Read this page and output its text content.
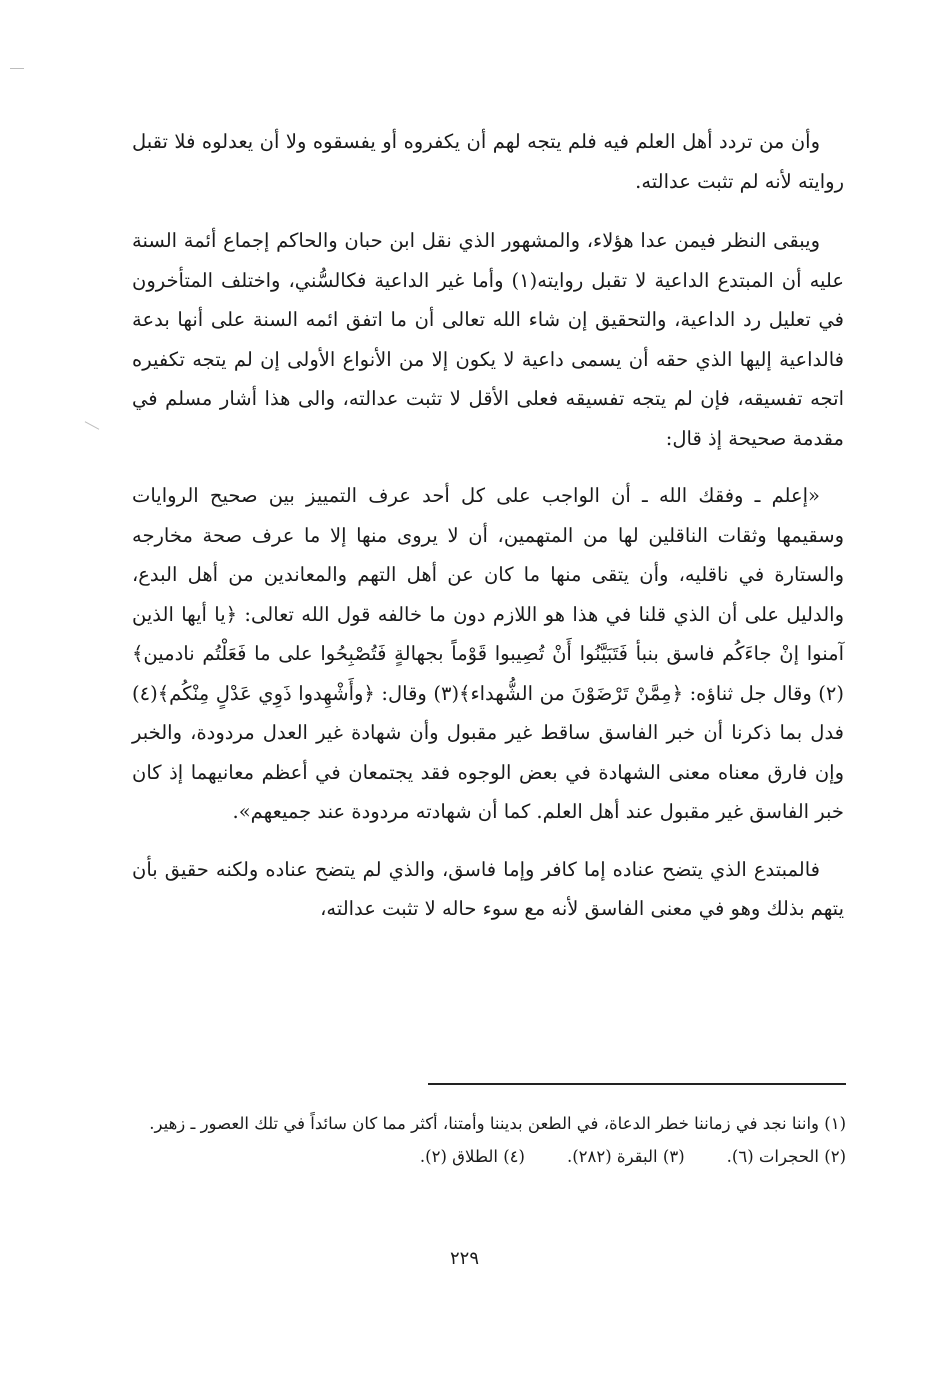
وأن من تردد أهل العلم فيه فلم يتجه لهم أن يكفروه أو يفسقوه ولا أن يعدلوه فلا تقبل روايته لأنه لم تثبت عدالته.

ويبقى النظر فيمن عدا هؤلاء، والمشهور الذي نقل ابن حبان والحاكم إجماع أئمة السنة عليه أن المبتدع الداعية لا تقبل روايته(١) وأما غير الداعية فكالسُّني، واختلف المتأخرون في تعليل رد الداعية، والتحقيق إن شاء الله تعالى أن ما اتفق ائمه السنة على أنها بدعة فالداعية إليها الذي حقه أن يسمى داعية لا يكون إلا من الأنواع الأولى إن لم يتجه تكفيره اتجه تفسيقه، فإن لم يتجه تفسيقه فعلى الأقل لا تثبت عدالته، والى هذا أشار مسلم في مقدمة صحيحة إذ قال:

«إعلم ـ وفقك الله ـ أن الواجب على كل أحد عرف التمييز بين صحيح الروايات وسقيمها وثقات الناقلين لها من المتهمين، أن لا يروى منها إلا ما عرف صحة مخارجه والستارة في ناقليه، وأن يتقى منها ما كان عن أهل التهم والمعاندين من أهل البدع، والدليل على أن الذي قلنا في هذا هو اللازم دون ما خالفه قول الله تعالى: ﴿يا أيها الذين آمنوا إنْ جاءَكُم فاسق بنبأ فَتَبَيَّنُوا أَنْ تُصِيبوا قَوْماً بجهالةٍ فَتُصْبِحُوا على ما فَعَلْتُم نادمين﴾ (٢) وقال جل ثناؤه: ﴿مِمَّنْ تَرْضَوْنَ من الشُّهداء﴾(٣) وقال: ﴿وأَشْهِدوا ذَوِي عَدْلٍ مِنْكُم﴾(٤) فدل بما ذكرنا أن خبر الفاسق ساقط غير مقبول وأن شهادة غير العدل مردودة، والخبر وإن فارق معناه معنى الشهادة في بعض الوجوه فقد يجتمعان في أعظم معانيهما إذ كان خبر الفاسق غير مقبول عند أهل العلم. كما أن شهادته مردودة عند جميعهم».

فالمبتدع الذي يتضح عناده إما كافر وإما فاسق، والذي لم يتضح عناده ولكنه حقيق بأن يتهم بذلك وهو في معنى الفاسق لأنه مع سوء حاله لا تثبت عدالته،

(١) واننا نجد في زماننا خطر الدعاة، في الطعن بديننا وأمتنا، أكثر مما كان سائداً في تلك العصور ـ زهير.

(٢) الحجرات (٦).
(٣) البقرة (٢٨٢).
(٤) الطلاق (٢).
٢٢٩
